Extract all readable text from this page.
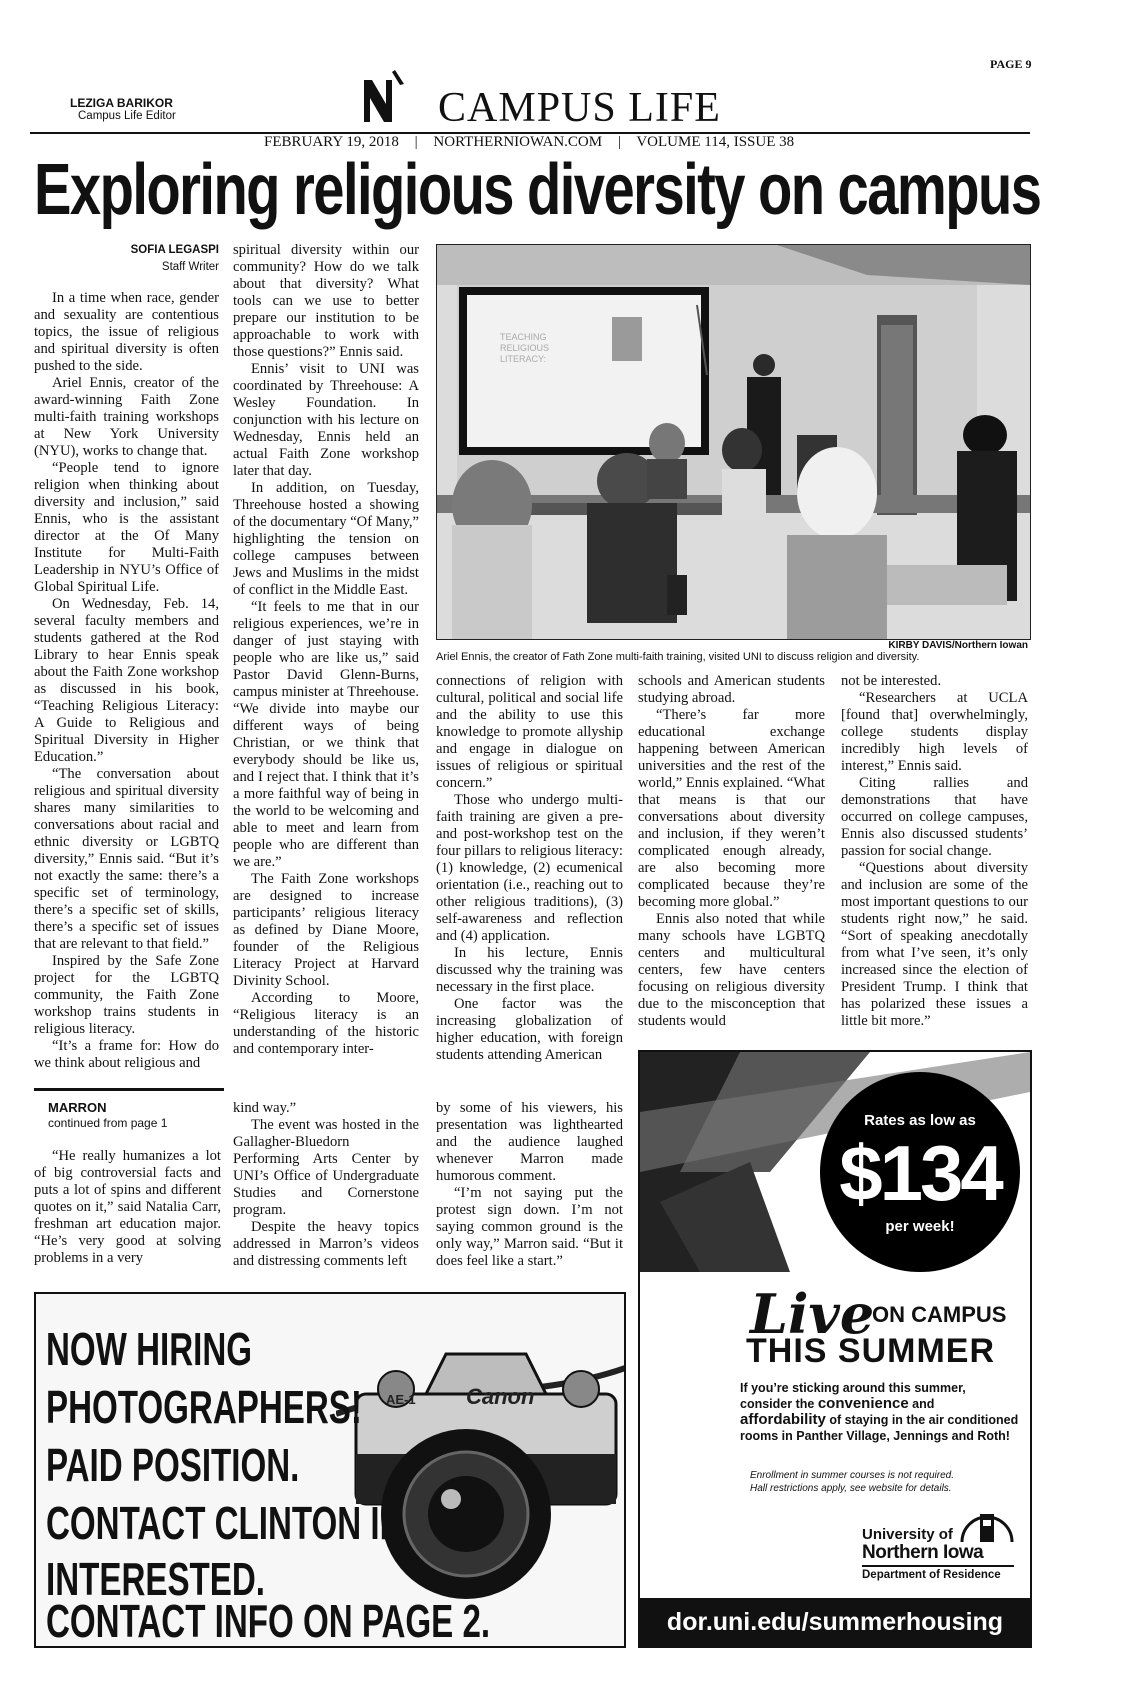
PAGE 9
LEZIGA BARIKOR
Campus Life Editor	CAMPUS LIFE
FEBRUARY 19, 2018 | NORTHERNIOWAN.COM | VOLUME 114, ISSUE 38
Exploring religious diversity on campus
SOFIA LEGASPI
Staff Writer

In a time when race, gender and sexuality are contentious topics, the issue of religious and spiritual diversity is often pushed to the side.

Ariel Ennis, creator of the award-winning Faith Zone multi-faith training workshops at New York University (NYU), works to change that.

“People tend to ignore religion when thinking about diversity and inclusion,” said Ennis, who is the assistant director at the Of Many Institute for Multi-Faith Leadership in NYU’s Office of Global Spiritual Life.

On Wednesday, Feb. 14, several faculty members and students gathered at the Rod Library to hear Ennis speak about the Faith Zone workshop as discussed in his book, “Teaching Religious Literacy: A Guide to Religious and Spiritual Diversity in Higher Education.”

“The conversation about religious and spiritual diversity shares many similarities to conversations about racial and ethnic diversity or LGBTQ diversity,” Ennis said. “But it’s not exactly the same: there’s a specific set of terminology, there’s a specific set of skills, there’s a specific set of issues that are relevant to that field.”

Inspired by the Safe Zone project for the LGBTQ community, the Faith Zone workshop trains students in religious literacy.

“It’s a frame for: How do we think about religious and

spiritual diversity within our community? How do we talk about that diversity? What tools can we use to better prepare our institution to be approachable to work with those questions?” Ennis said.

Ennis’ visit to UNI was coordinated by Threehouse: A Wesley Foundation. In conjunction with his lecture on Wednesday, Ennis held an actual Faith Zone workshop later that day.

In addition, on Tuesday, Threehouse hosted a showing of the documentary “Of Many,” highlighting the tension on college campuses between Jews and Muslims in the midst of conflict in the Middle East.

“It feels to me that in our religious experiences, we’re in danger of just staying with people who are like us,” said Pastor David Glenn-Burns, campus minister at Threehouse. “We divide into maybe our different ways of being Christian, or we think that everybody should be like us, and I reject that. I think that it’s a more faithful way of being in the world to be welcoming and able to meet and learn from people who are different than we are.”

The Faith Zone workshops are designed to increase participants’ religious literacy as defined by Diane Moore, founder of the Religious Literacy Project at Harvard Divinity School.

According to Moore, “Religious literacy is an understanding of the historic and contemporary inter-

TEACHING RELIGIOUS LITERACY:
KIRBY DAVIS/Northern Iowan
Ariel Ennis, the creator of Fath Zone multi-faith training, visited UNI to discuss religion and diversity.

connections of religion with cultural, political and social life and the ability to use this knowledge to promote allyship and engage in dialogue on issues of religious or spiritual concern.”

Those who undergo multi-faith training are given a pre- and post-workshop test on the four pillars to religious literacy: (1) knowledge, (2) ecumenical orientation (i.e., reaching out to other religious traditions), (3) self-awareness and reflection and (4) application.

In his lecture, Ennis discussed why the training was necessary in the first place.

One factor was the increasing globalization of higher education, with foreign students attending American

schools and American students studying abroad.

“There’s far more educational exchange happening between American universities and the rest of the world,” Ennis explained. “What that means is that our conversations about diversity and inclusion, if they weren’t complicated enough already, are also becoming more complicated because they’re becoming more global.”

Ennis also noted that while many schools have LGBTQ centers and multicultural centers, few have centers focusing on religious diversity due to the misconception that students would

not be interested.

“Researchers at UCLA [found that] overwhelmingly, college students display incredibly high levels of interest,” Ennis said.

Citing rallies and demonstrations that have occurred on college campuses, Ennis also discussed students’ passion for social change.

“Questions about diversity and inclusion are some of the most important questions to our students right now,” he said. “Sort of speaking anecdotally from what I’ve seen, it’s only increased since the election of President Trump. I think that has polarized these issues a little bit more.”

MARRON
continued from page 1

“He really humanizes a lot of big controversial facts and puts a lot of spins and different quotes on it,” said Natalia Carr, freshman art education major. “He’s very good at solving problems in a very

kind way.”

The event was hosted in the Gallagher-Bluedorn Performing Arts Center by UNI’s Office of Undergraduate Studies and Cornerstone program.

Despite the heavy topics addressed in Marron’s videos and distressing comments left

by some of his viewers, his presentation was lighthearted and the audience laughed whenever Marron made humorous comment.

“I’m not saying put the protest sign down. I’m not saying common ground is the only way,” Marron said. “But it does feel like a start.”

Canon
AE-1
NOW HIRING
PHOTOGRAPHERS!
PAID POSITION.
CONTACT CLINTON IF
INTERESTED.
CONTACT INFO ON PAGE 2.
Rates as low as
$134
per week!
Live
ON CAMPUS
THIS SUMMER
If you’re sticking around this summer, consider the convenience and affordability of staying in the air conditioned rooms in Panther Village, Jennings and Roth!
Enrollment in summer courses is not required.
Hall restrictions apply, see website for details.
University of
Northern Iowa
Department of Residence
dor.uni.edu/summerhousing
